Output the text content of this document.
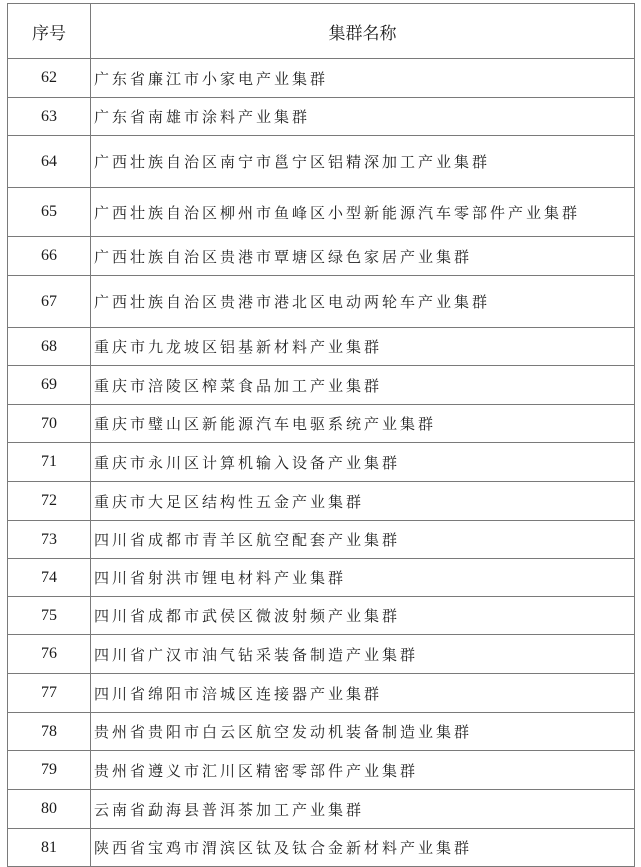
序号	集群名称
62	广东省廉江市小家电产业集群
63	广东省南雄市涂料产业集群
64	广西壮族自治区南宁市邕宁区铝精深加工产业集群
65	广西壮族自治区柳州市鱼峰区小型新能源汽车零部件产业集群
66	广西壮族自治区贵港市覃塘区绿色家居产业集群
67	广西壮族自治区贵港市港北区电动两轮车产业集群
68	重庆市九龙坡区铝基新材料产业集群
69	重庆市涪陵区榨菜食品加工产业集群
70	重庆市璧山区新能源汽车电驱系统产业集群
71	重庆市永川区计算机输入设备产业集群
72	重庆市大足区结构性五金产业集群
73	四川省成都市青羊区航空配套产业集群
74	四川省射洪市锂电材料产业集群
75	四川省成都市武侯区微波射频产业集群
76	四川省广汉市油气钻采装备制造产业集群
77	四川省绵阳市涪城区连接器产业集群
78	贵州省贵阳市白云区航空发动机装备制造业集群
79	贵州省遵义市汇川区精密零部件产业集群
80	云南省勐海县普洱茶加工产业集群
81	陕西省宝鸡市渭滨区钛及钛合金新材料产业集群
